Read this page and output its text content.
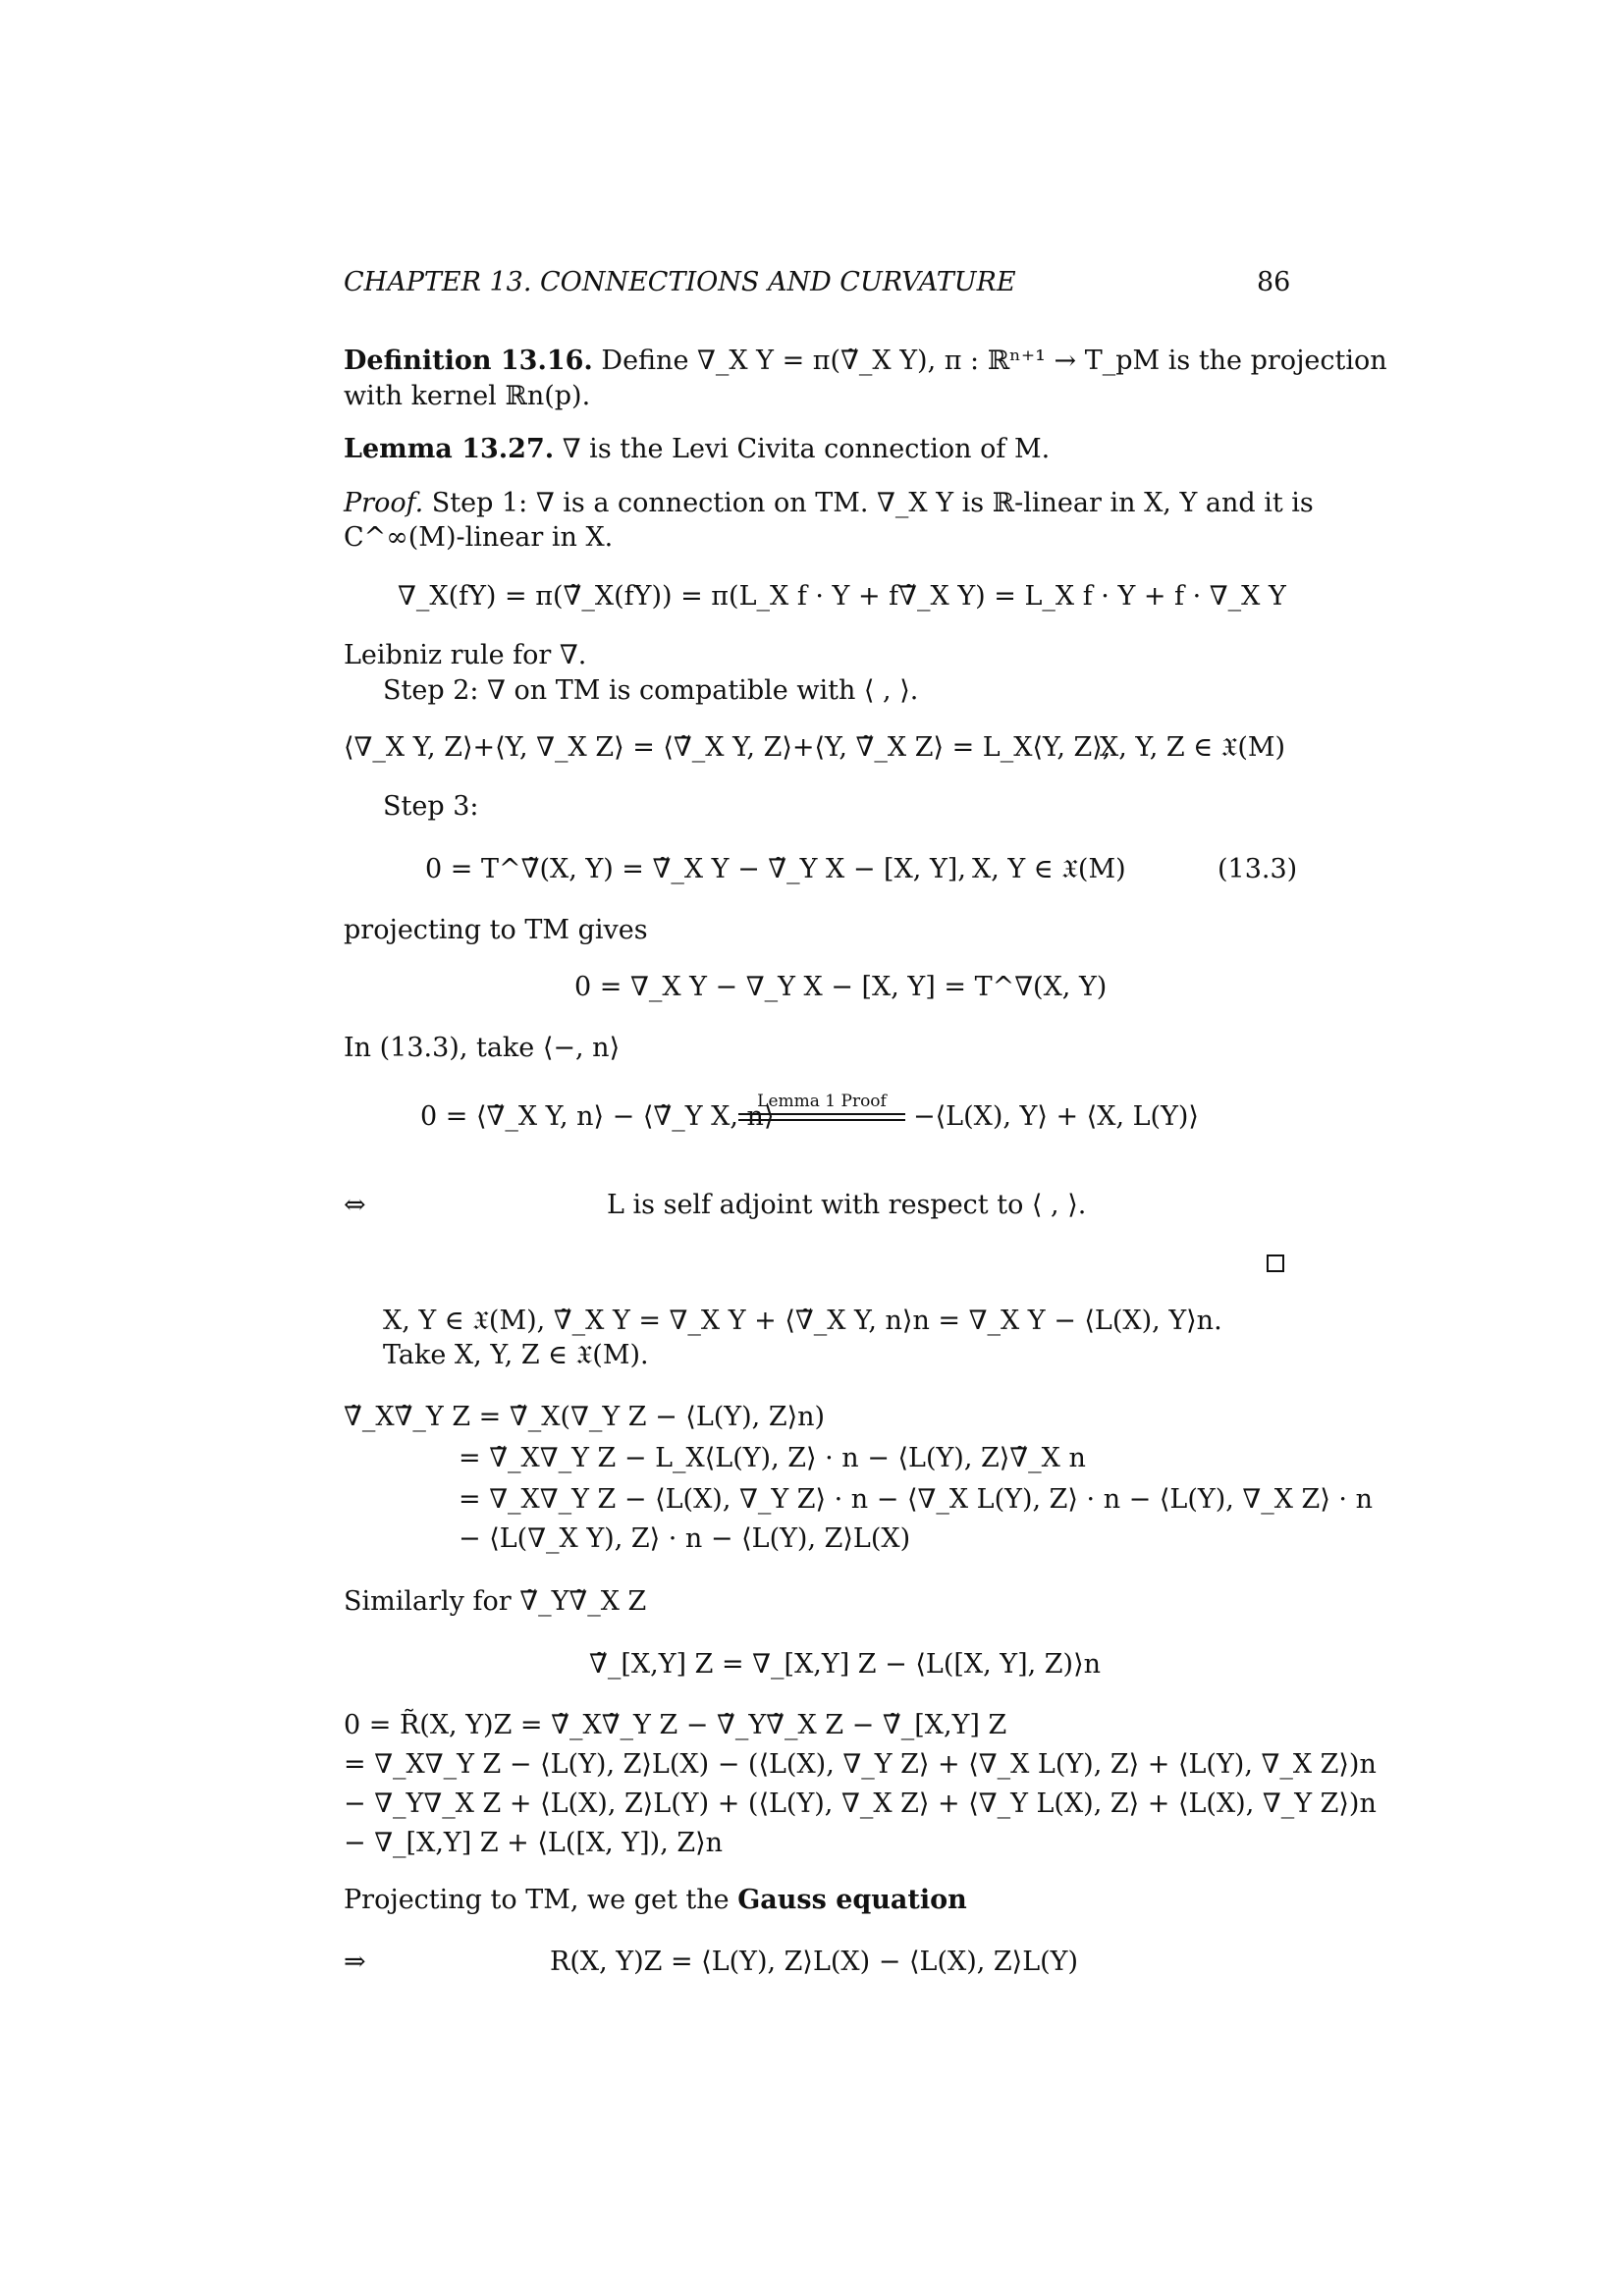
CHAPTER 13. CONNECTIONS AND CURVATURE	86
Definition 13.16. Define ∇_X Y = π(∇̃_X Y), π : ℝⁿ⁺¹ → T_pM is the projection
with kernel ℝn(p).
Lemma 13.27. ∇ is the Levi Civita connection of M.
Proof. Step 1: ∇ is a connection on TM. ∇_X Y is ℝ-linear in X, Y and it is
C^∞(M)-linear in X.
∇_X(fY) = π(∇̃_X(fY)) = π(L_X f · Y + f∇̃_X Y) = L_X f · Y + f · ∇_X Y
Leibniz rule for ∇.
Step 2: ∇ on TM is compatible with ⟨ , ⟩.
⟨∇_X Y, Z⟩+⟨Y, ∇_X Z⟩ = ⟨∇̃_X Y, Z⟩+⟨Y, ∇̃_X Z⟩ = L_X⟨Y, Z⟩,
X, Y, Z ∈ 𝔛(M)
Step 3:
0 = T^∇̃(X, Y) = ∇̃_X Y − ∇̃_Y X − [X, Y], X, Y ∈ 𝔛(M)	(13.3)
projecting to TM gives
0 = ∇_X Y − ∇_Y X − [X, Y] = T^∇(X, Y)
In (13.3), take ⟨−, n⟩
0 = ⟨∇̃_X Y, n⟩ − ⟨∇̃_Y X, n⟩
Lemma 1 Proof	−⟨L(X), Y⟩ + ⟨X, L(Y)⟩
⇔	L is self adjoint with respect to ⟨ , ⟩.
X, Y ∈ 𝔛(M), ∇̃_X Y = ∇_X Y + ⟨∇̃_X Y, n⟩n = ∇_X Y − ⟨L(X), Y⟩n.
Take X, Y, Z ∈ 𝔛(M).
∇̃_X∇̃_Y Z = ∇̃_X(∇_Y Z − ⟨L(Y), Z⟩n)
= ∇̃_X∇_Y Z − L_X⟨L(Y), Z⟩ · n − ⟨L(Y), Z⟩∇̃_X n
= ∇_X∇_Y Z − ⟨L(X), ∇_Y Z⟩ · n − ⟨∇_X L(Y), Z⟩ · n − ⟨L(Y), ∇_X Z⟩ · n
− ⟨L(∇_X Y), Z⟩ · n − ⟨L(Y), Z⟩L(X)
Similarly for ∇̃_Y∇̃_X Z
∇̃_[X,Y] Z = ∇_[X,Y] Z − ⟨L([X, Y], Z)⟩n
0 = R̃(X, Y)Z = ∇̃_X∇̃_Y Z − ∇̃_Y∇̃_X Z − ∇̃_[X,Y] Z
= ∇_X∇_Y Z − ⟨L(Y), Z⟩L(X) − (⟨L(X), ∇_Y Z⟩ + ⟨∇_X L(Y), Z⟩ + ⟨L(Y), ∇_X Z⟩)n
− ∇_Y∇_X Z + ⟨L(X), Z⟩L(Y) + (⟨L(Y), ∇_X Z⟩ + ⟨∇_Y L(X), Z⟩ + ⟨L(X), ∇_Y Z⟩)n
− ∇_[X,Y] Z + ⟨L([X, Y]), Z⟩n
Projecting to TM, we get the Gauss equation
⇒	R(X, Y)Z = ⟨L(Y), Z⟩L(X) − ⟨L(X), Z⟩L(Y)
